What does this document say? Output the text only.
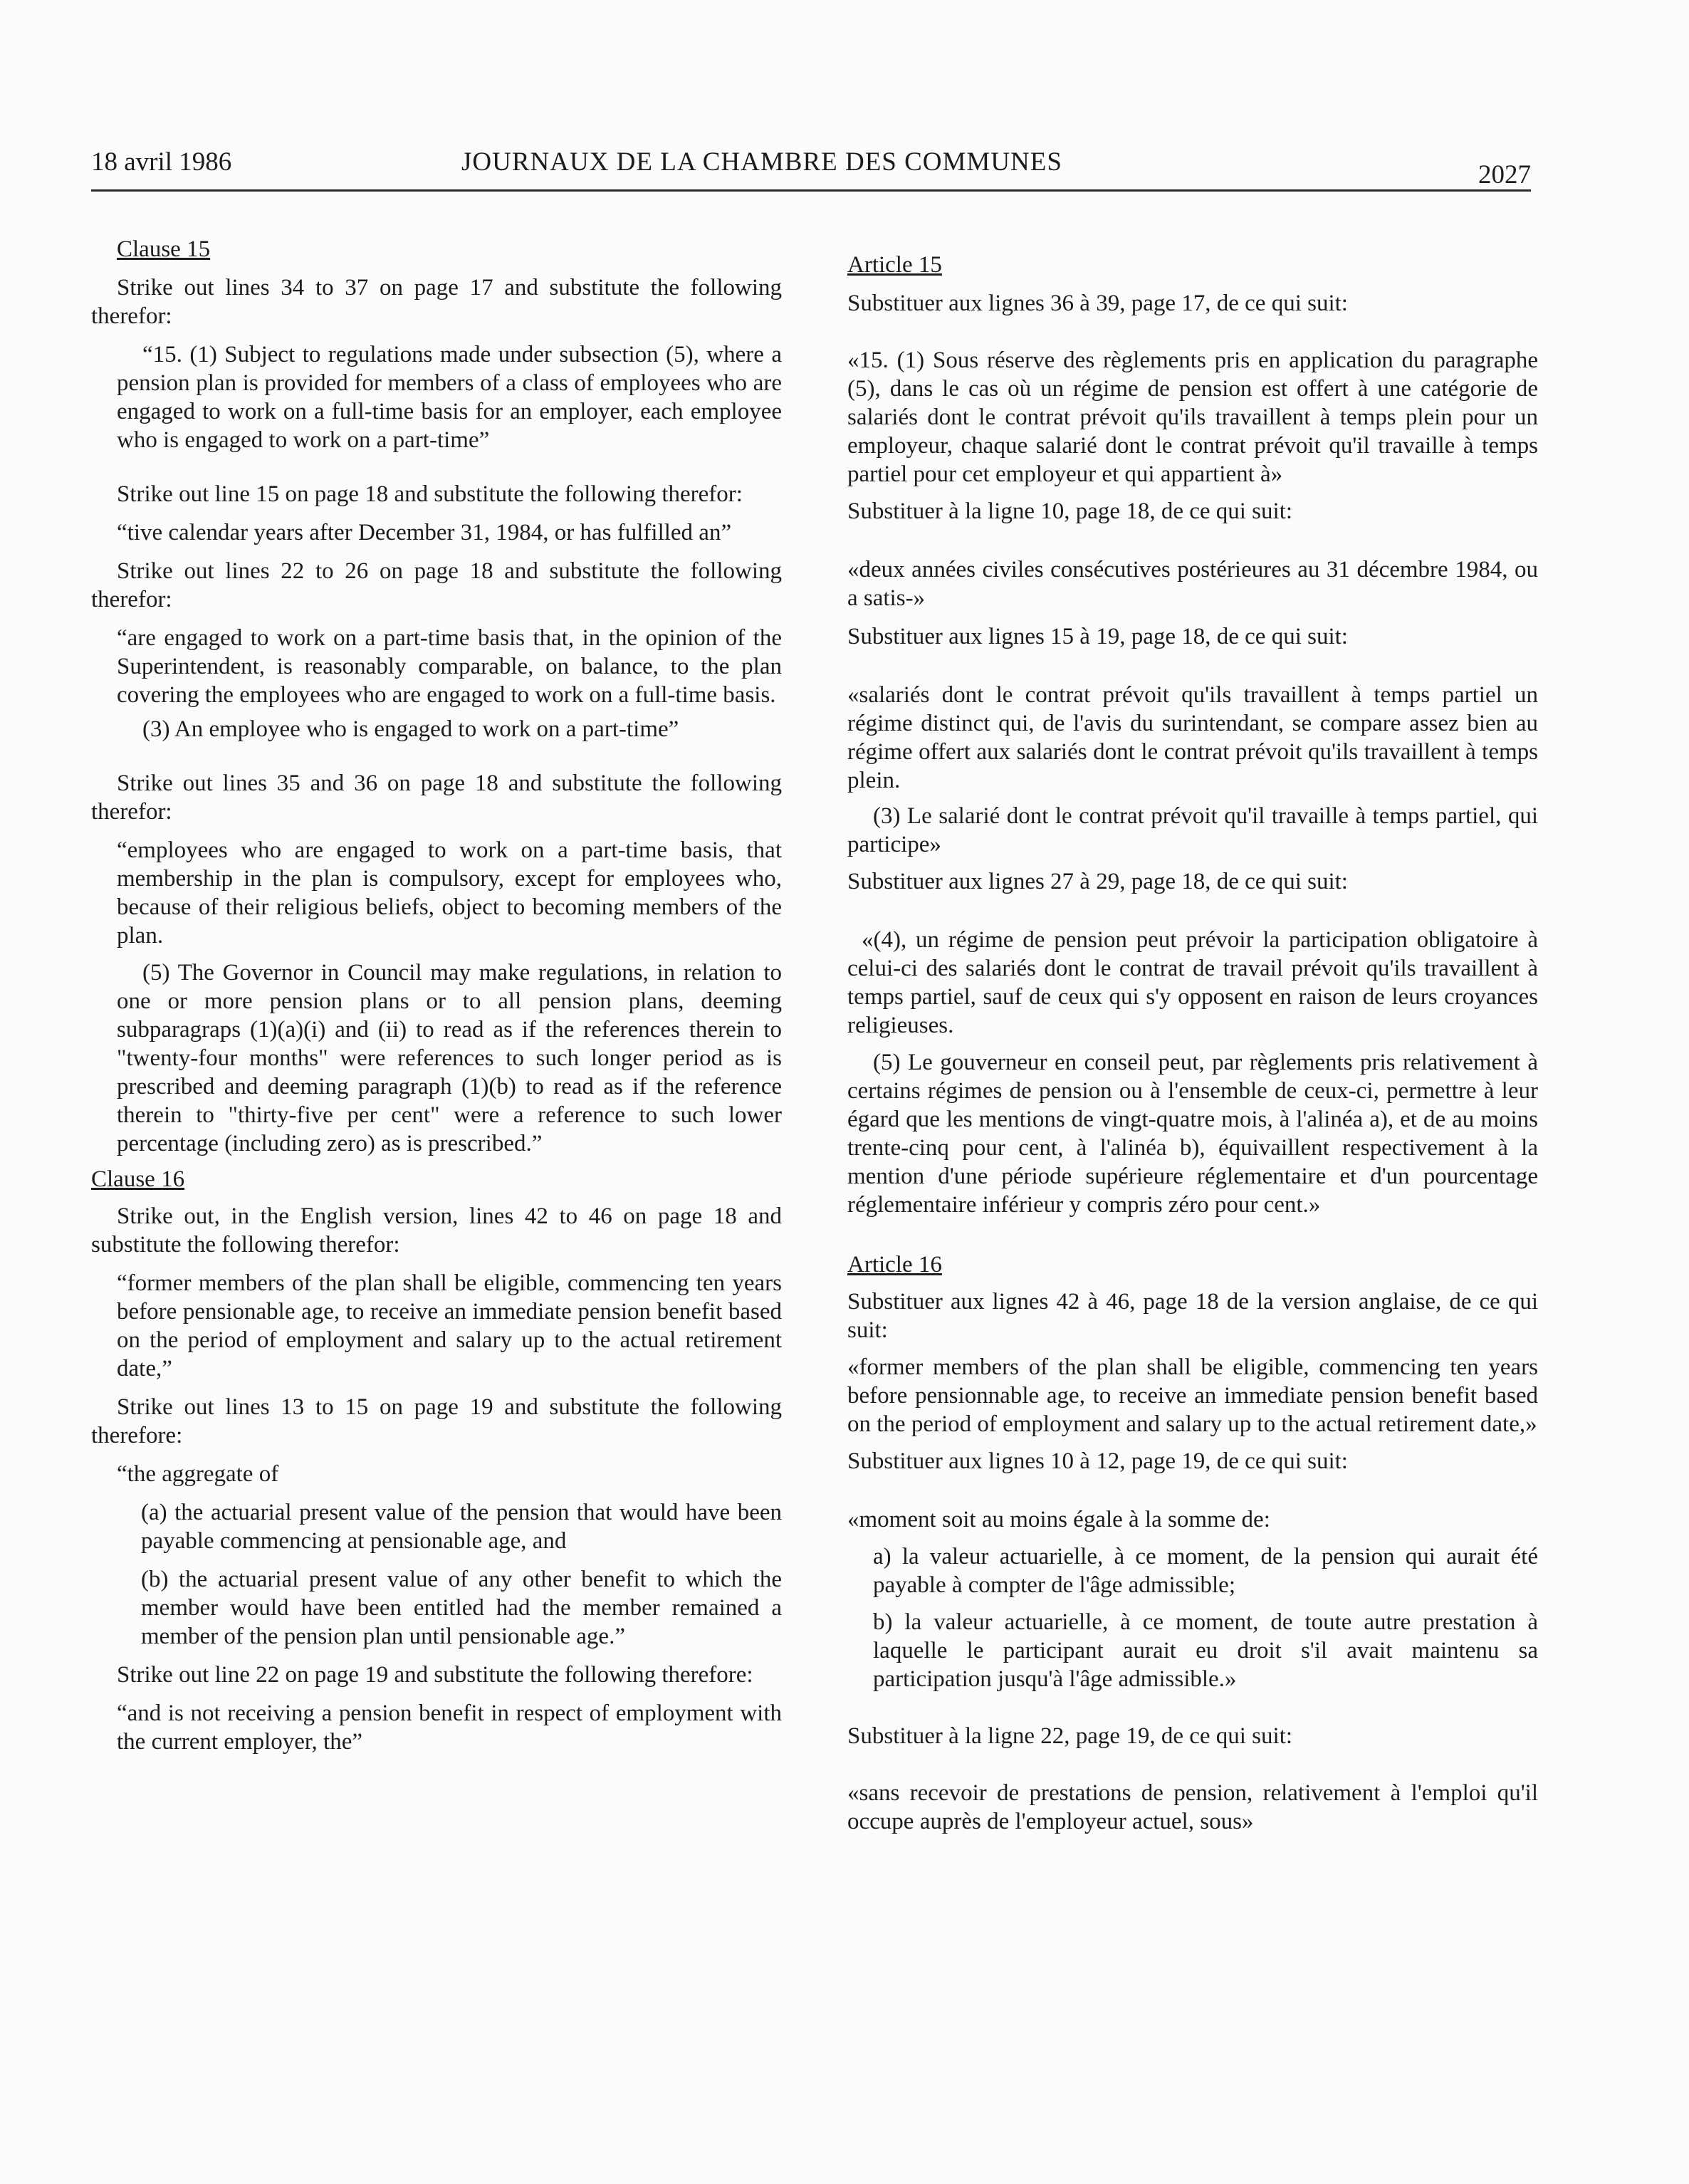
18 avril 1986	JOURNAUX DE LA CHAMBRE DES COMMUNES	2027

Clause 15

Strike out lines 34 to 37 on page 17 and substitute the following therefor:

“15. (1) Subject to regulations made under subsection (5), where a pension plan is provided for members of a class of employees who are engaged to work on a full-time basis for an employer, each employee who is engaged to work on a part-time”

Strike out line 15 on page 18 and substitute the following therefor:

“tive calendar years after December 31, 1984, or has fulfilled an”

Strike out lines 22 to 26 on page 18 and substitute the following therefor:

“are engaged to work on a part-time basis that, in the opinion of the Superintendent, is reasonably comparable, on balance, to the plan covering the employees who are engaged to work on a full-time basis.

(3) An employee who is engaged to work on a part-time”

Strike out lines 35 and 36 on page 18 and substitute the following therefor:

“employees who are engaged to work on a part-time basis, that membership in the plan is compulsory, except for employees who, because of their religious beliefs, object to becoming members of the plan.

(5) The Governor in Council may make regulations, in relation to one or more pension plans or to all pension plans, deeming subparagraps (1)(a)(i) and (ii) to read as if the references therein to "twenty-four months" were references to such longer period as is prescribed and deeming paragraph (1)(b) to read as if the reference therein to "thirty-five per cent" were a reference to such lower percentage (including zero) as is prescribed.”

Clause 16

Strike out, in the English version, lines 42 to 46 on page 18 and substitute the following therefor:

“former members of the plan shall be eligible, commencing ten years before pensionable age, to receive an immediate pension benefit based on the period of employment and salary up to the actual retirement date,”

Strike out lines 13 to 15 on page 19 and substitute the following therefore:

“the aggregate of

(a) the actuarial present value of the pension that would have been payable commencing at pensionable age, and

(b) the actuarial present value of any other benefit to which the member would have been entitled had the member remained a member of the pension plan until pensionable age.”

Strike out line 22 on page 19 and substitute the following therefore:

“and is not receiving a pension benefit in respect of employment with the current employer, the”

Article 15

Substituer aux lignes 36 à 39, page 17, de ce qui suit:

«15. (1) Sous réserve des règlements pris en application du paragraphe (5), dans le cas où un régime de pension est offert à une catégorie de salariés dont le contrat prévoit qu'ils travaillent à temps plein pour un employeur, chaque salarié dont le contrat prévoit qu'il travaille à temps partiel pour cet employeur et qui appartient à»

Substituer à la ligne 10, page 18, de ce qui suit:

«deux années civiles consécutives postérieures au 31 décembre 1984, ou a satis-»

Substituer aux lignes 15 à 19, page 18, de ce qui suit:

«salariés dont le contrat prévoit qu'ils travaillent à temps partiel un régime distinct qui, de l'avis du surintendant, se compare assez bien au régime offert aux salariés dont le contrat prévoit qu'ils travaillent à temps plein.

(3) Le salarié dont le contrat prévoit qu'il travaille à temps partiel, qui participe»

Substituer aux lignes 27 à 29, page 18, de ce qui suit:

«(4), un régime de pension peut prévoir la participation obligatoire à celui-ci des salariés dont le contrat de travail prévoit qu'ils travaillent à temps partiel, sauf de ceux qui s'y opposent en raison de leurs croyances religieuses.

(5) Le gouverneur en conseil peut, par règlements pris relativement à certains régimes de pension ou à l'ensemble de ceux-ci, permettre à leur égard que les mentions de vingt-quatre mois, à l'alinéa a), et de au moins trente-cinq pour cent, à l'alinéa b), équivaillent respectivement à la mention d'une période supérieure réglementaire et d'un pourcentage réglementaire inférieur y compris zéro pour cent.»

Article 16

Substituer aux lignes 42 à 46, page 18 de la version anglaise, de ce qui suit:

«former members of the plan shall be eligible, commencing ten years before pensionnable age, to receive an immediate pension benefit based on the period of employment and salary up to the actual retirement date,»

Substituer aux lignes 10 à 12, page 19, de ce qui suit:

«moment soit au moins égale à la somme de:

a) la valeur actuarielle, à ce moment, de la pension qui aurait été payable à compter de l'âge admissible;

b) la valeur actuarielle, à ce moment, de toute autre prestation à laquelle le participant aurait eu droit s'il avait maintenu sa participation jusqu'à l'âge admissible.»

Substituer à la ligne 22, page 19, de ce qui suit:

«sans recevoir de prestations de pension, relativement à l'emploi qu'il occupe auprès de l'employeur actuel, sous»
